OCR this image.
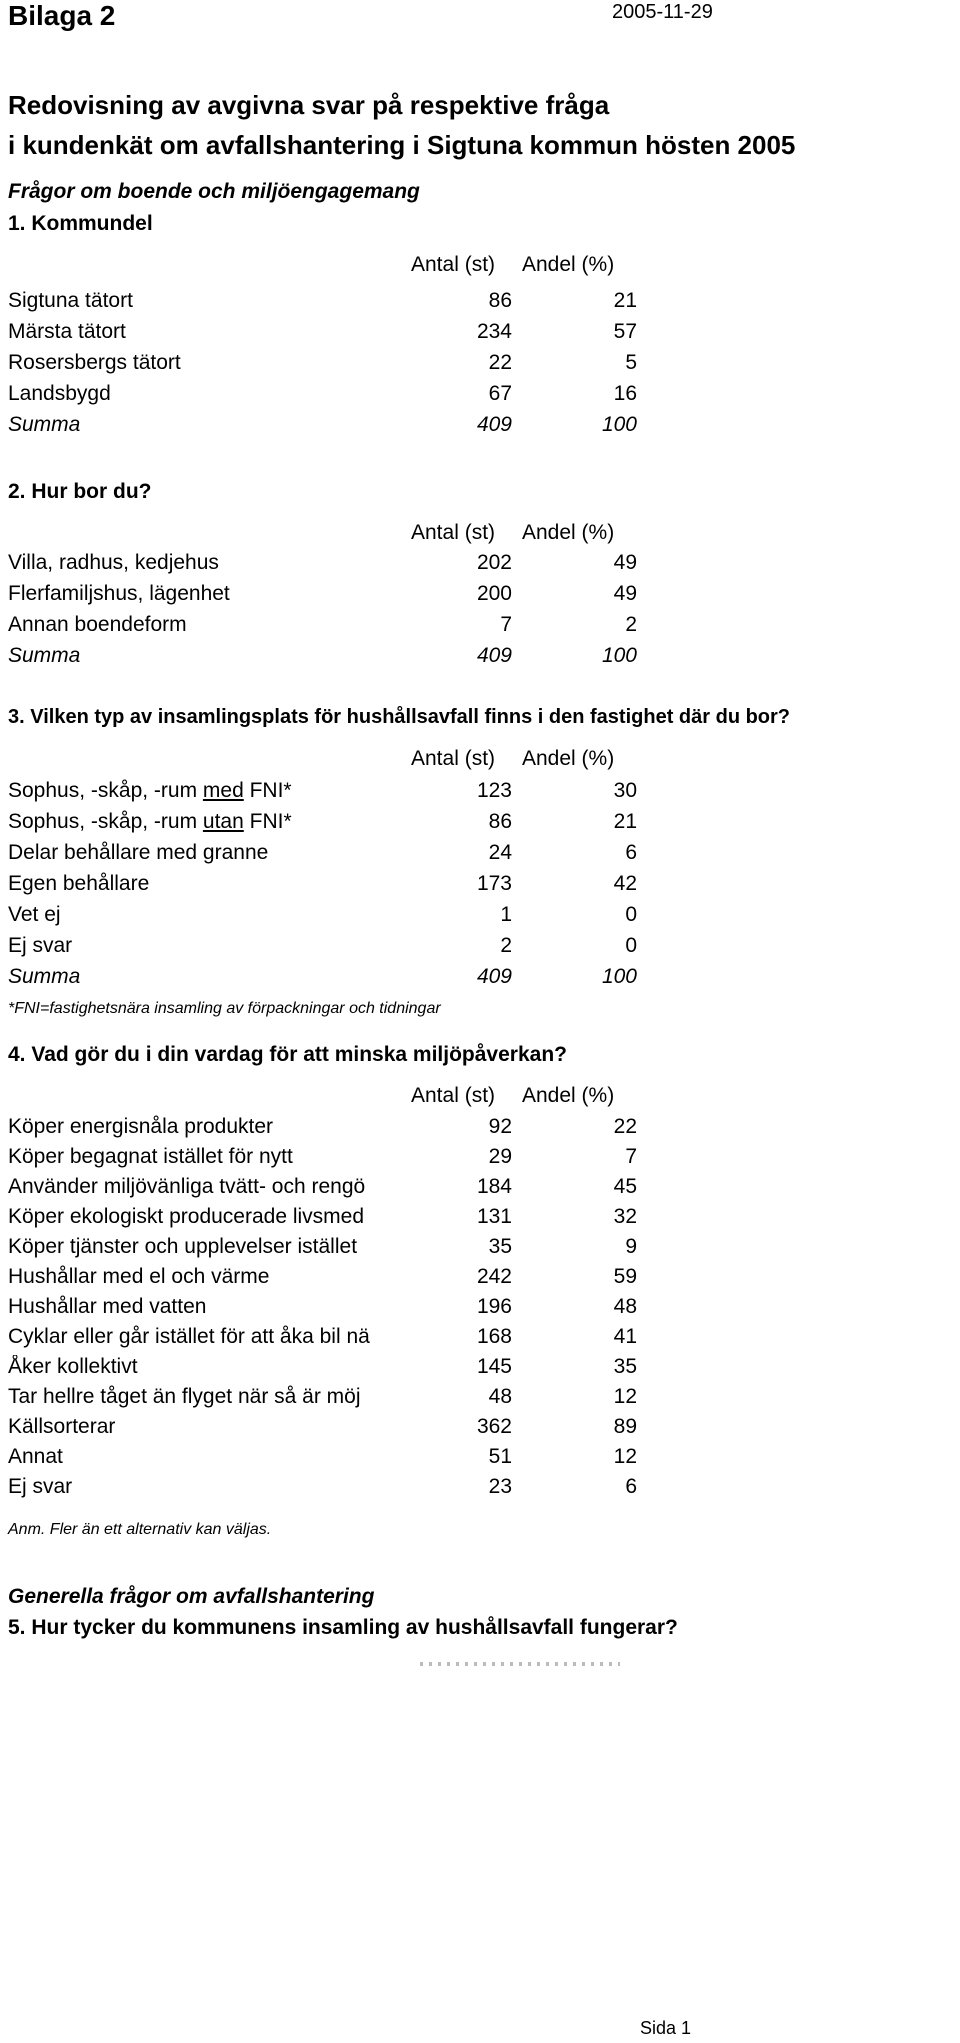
Bilaga 2	2005-11-29
Redovisning av avgivna svar på respektive fråga
i kundenkät om avfallshantering i Sigtuna kommun hösten 2005
Frågor om boende och miljöengagemang
1. Kommundel
Antal (st) Andel (%)
Sigtuna tätort	86	21
Märsta tätort	234	57
Rosersbergs tätort	22	5
Landsbygd	67	16
Summa	409	100
2. Hur bor du?
Antal (st) Andel (%)
Villa, radhus, kedjehus	202	49
Flerfamiljshus, lägenhet	200	49
Annan boendeform	7	2
Summa	409	100
3. Vilken typ av insamlingsplats för hushållsavfall finns i den fastighet där du bor?
Antal (st) Andel (%)
Sophus, -skåp, -rum med FNI*	123	30
Sophus, -skåp, -rum utan FNI*	86	21
Delar behållare med granne	24	6
Egen behållare	173	42
Vet ej	1	0
Ej svar	2	0
Summa	409	100
*FNI=fastighetsnära insamling av förpackningar och tidningar
4. Vad gör du i din vardag för att minska miljöpåverkan?
Antal (st) Andel (%)
Köper energisnåla produkter	92	22
Köper begagnat istället för nytt	29	7
Använder miljövänliga tvätt- och rengö	184	45
Köper ekologiskt producerade livsmed	131	32
Köper tjänster och upplevelser istället	35	9
Hushållar med el och värme	242	59
Hushållar med vatten	196	48
Cyklar eller går istället för att åka bil nä	168	41
Åker kollektivt	145	35
Tar hellre tåget än flyget när så är möj	48	12
Källsorterar	362	89
Annat	51	12
Ej svar	23	6
Anm. Fler än ett alternativ kan väljas.
Generella frågor om avfallshantering
5. Hur tycker du kommunens insamling av hushållsavfall fungerar?
Sida 1
